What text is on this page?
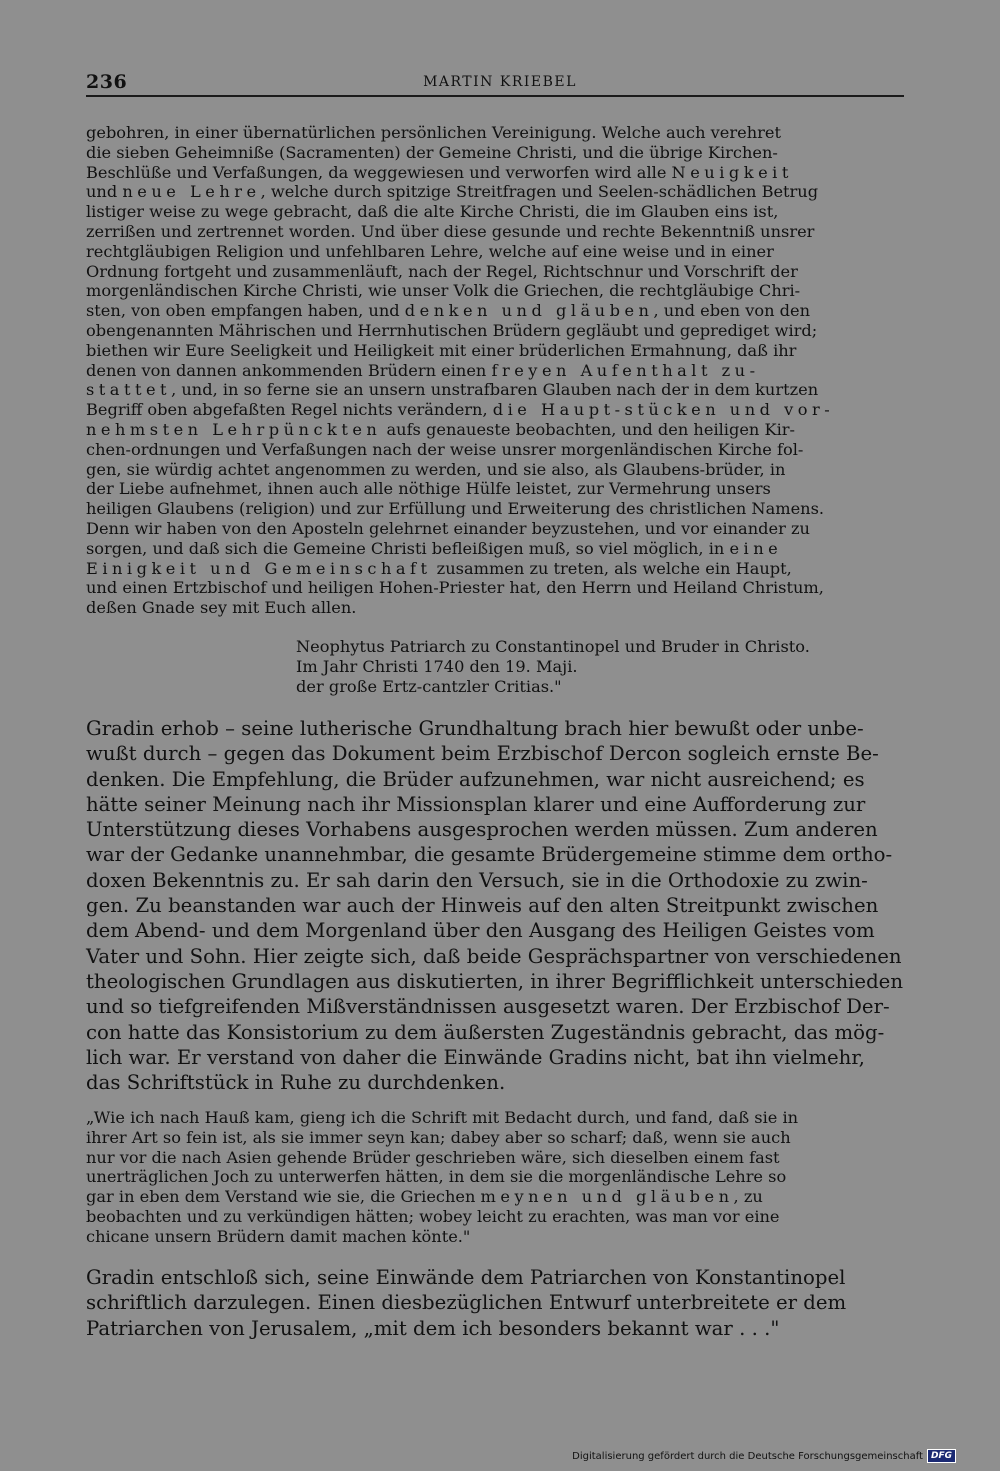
236	MARTIN KRIEBEL

gebohren, in einer übernatürlichen persönlichen Vereinigung. Welche auch verehret

die sieben Geheimniße (Sacramenten) der Gemeine Christi, und die übrige Kirchen-

Beschlüße und Verfaßungen, da weggewiesen und verworfen wird alle Neuigkeit

und neue Lehre, welche durch spitzige Streitfragen und Seelen-schädlichen Betrug

listiger weise zu wege gebracht, daß die alte Kirche Christi, die im Glauben eins ist,

zerrißen und zertrennet worden. Und über diese gesunde und rechte Bekenntniß unsrer

rechtgläubigen Religion und unfehlbaren Lehre, welche auf eine weise und in einer

Ordnung fortgeht und zusammenläuft, nach der Regel, Richtschnur und Vorschrift der

morgenländischen Kirche Christi, wie unser Volk die Griechen, die rechtgläubige Chri-

sten, von oben empfangen haben, und denken und gläuben, und eben von den

obengenannten Mährischen und Herrnhutischen Brüdern gegläubt und geprediget wird;

biethen wir Eure Seeligkeit und Heiligkeit mit einer brüderlichen Ermahnung, daß ihr

denen von dannen ankommenden Brüdern einen freyen Aufenthalt zu-

stattet, und, in so ferne sie an unsern unstrafbaren Glauben nach der in dem kurtzen

Begriff oben abgefaßten Regel nichts verändern, die Haupt-stücken und vor-

nehmsten Lehrpünckten aufs genaueste beobachten, und den heiligen Kir-

chen-ordnungen und Verfaßungen nach der weise unsrer morgenländischen Kirche fol-

gen, sie würdig achtet angenommen zu werden, und sie also, als Glaubens-brüder, in

der Liebe aufnehmet, ihnen auch alle nöthige Hülfe leistet, zur Vermehrung unsers

heiligen Glaubens (religion) und zur Erfüllung und Erweiterung des christlichen Namens.

Denn wir haben von den Aposteln gelehrnet einander beyzustehen, und vor einander zu

sorgen, und daß sich die Gemeine Christi befleißigen muß, so viel möglich, in eine

Einigkeit und Gemeinschaft zusammen zu treten, als welche ein Haupt,

und einen Ertzbischof und heiligen Hohen-Priester hat, den Herrn und Heiland Christum,

deßen Gnade sey mit Euch allen.

Neophytus Patriarch zu Constantinopel und Bruder in Christo.
Im Jahr Christi 1740 den 19. Maji.
der große Ertz-cantzler Critias."

Gradin erhob – seine lutherische Grundhaltung brach hier bewußt oder unbe-

wußt durch – gegen das Dokument beim Erzbischof Dercon sogleich ernste Be-

denken. Die Empfehlung, die Brüder aufzunehmen, war nicht ausreichend; es

hätte seiner Meinung nach ihr Missionsplan klarer und eine Aufforderung zur

Unterstützung dieses Vorhabens ausgesprochen werden müssen. Zum anderen

war der Gedanke unannehmbar, die gesamte Brüdergemeine stimme dem ortho-

doxen Bekenntnis zu. Er sah darin den Versuch, sie in die Orthodoxie zu zwin-

gen. Zu beanstanden war auch der Hinweis auf den alten Streitpunkt zwischen

dem Abend- und dem Morgenland über den Ausgang des Heiligen Geistes vom

Vater und Sohn. Hier zeigte sich, daß beide Gesprächspartner von verschiedenen

theologischen Grundlagen aus diskutierten, in ihrer Begrifflichkeit unterschieden

und so tiefgreifenden Mißverständnissen ausgesetzt waren. Der Erzbischof Der-

con hatte das Konsistorium zu dem äußersten Zugeständnis gebracht, das mög-

lich war. Er verstand von daher die Einwände Gradins nicht, bat ihn vielmehr,

das Schriftstück in Ruhe zu durchdenken.

„Wie ich nach Hauß kam, gieng ich die Schrift mit Bedacht durch, und fand, daß sie in

ihrer Art so fein ist, als sie immer seyn kan; dabey aber so scharf; daß, wenn sie auch

nur vor die nach Asien gehende Brüder geschrieben wäre, sich dieselben einem fast

unerträglichen Joch zu unterwerfen hätten, in dem sie die morgenländische Lehre so

gar in eben dem Verstand wie sie, die Griechen meynen und gläuben, zu

beobachten und zu verkündigen hätten; wobey leicht zu erachten, was man vor eine

chicane unsern Brüdern damit machen könte."

Gradin entschloß sich, seine Einwände dem Patriarchen von Konstantinopel

schriftlich darzulegen. Einen diesbezüglichen Entwurf unterbreitete er dem

Patriarchen von Jerusalem, „mit dem ich besonders bekannt war . . ."

Digitalisierung gefördert durch die Deutsche Forschungsgemeinschaft DFG
